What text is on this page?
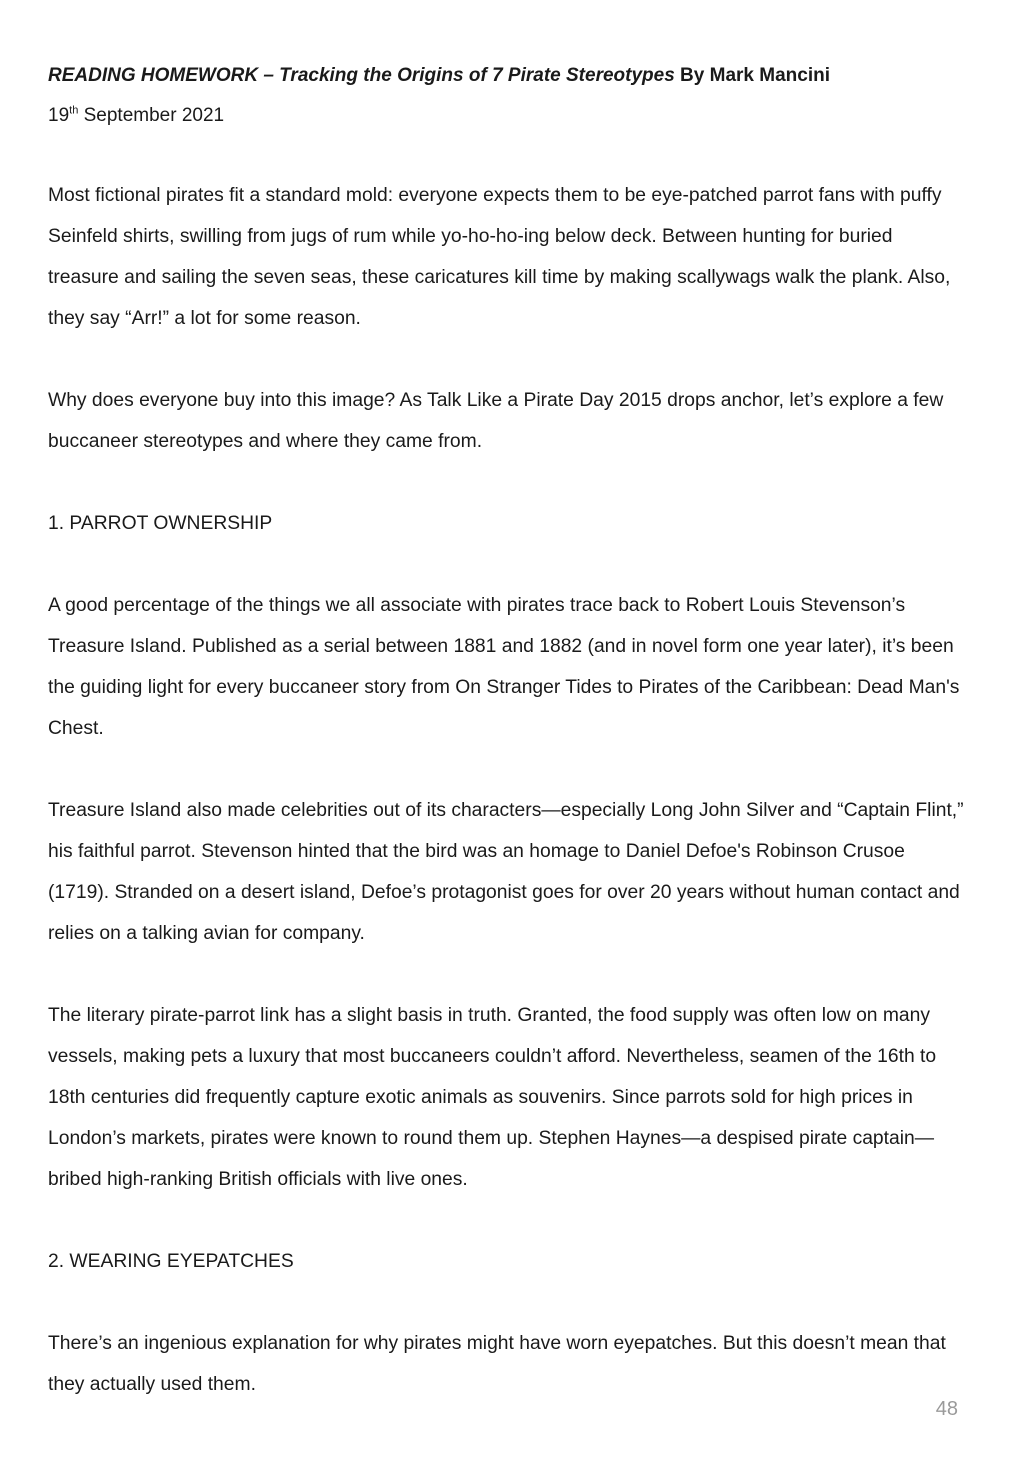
READING HOMEWORK – Tracking the Origins of 7 Pirate Stereotypes By Mark Mancini

19th September 2021

Most fictional pirates fit a standard mold: everyone expects them to be eye-patched parrot fans with puffy Seinfeld shirts, swilling from jugs of rum while yo-ho-ho-ing below deck. Between hunting for buried treasure and sailing the seven seas, these caricatures kill time by making scallywags walk the plank. Also, they say “Arr!” a lot for some reason.

Why does everyone buy into this image? As Talk Like a Pirate Day 2015 drops anchor, let’s explore a few buccaneer stereotypes and where they came from.

1. PARROT OWNERSHIP

A good percentage of the things we all associate with pirates trace back to Robert Louis Stevenson’s Treasure Island. Published as a serial between 1881 and 1882 (and in novel form one year later), it’s been the guiding light for every buccaneer story from On Stranger Tides to Pirates of the Caribbean: Dead Man's Chest.

Treasure Island also made celebrities out of its characters—especially Long John Silver and “Captain Flint,” his faithful parrot. Stevenson hinted that the bird was an homage to Daniel Defoe's Robinson Crusoe (1719). Stranded on a desert island, Defoe’s protagonist goes for over 20 years without human contact and relies on a talking avian for company.

The literary pirate-parrot link has a slight basis in truth. Granted, the food supply was often low on many vessels, making pets a luxury that most buccaneers couldn’t afford. Nevertheless, seamen of the 16th to 18th centuries did frequently capture exotic animals as souvenirs. Since parrots sold for high prices in London’s markets, pirates were known to round them up. Stephen Haynes—a despised pirate captain—bribed high-ranking British officials with live ones.

2. WEARING EYEPATCHES

There’s an ingenious explanation for why pirates might have worn eyepatches. But this doesn’t mean that they actually used them.

48
